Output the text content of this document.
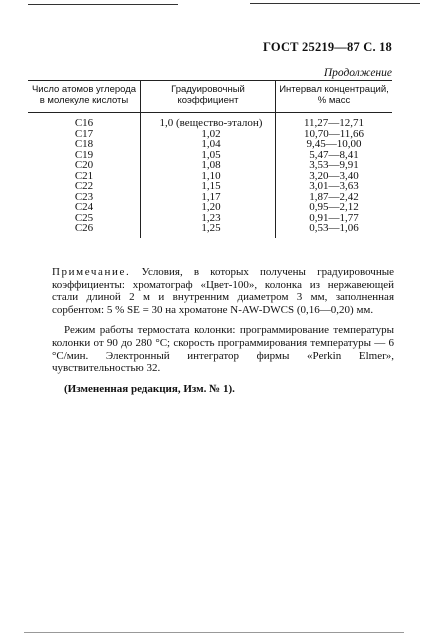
ГОСТ 25219—87 С. 18
Продолжение
Число атомов углерода в молекуле кислоты	Градуировочный коэффициент	Интервал концентраций, % масс
C16	1,0 (вещество-эталон)	11,27—12,71
C17	1,02	10,70—11,66
C18	1,04	9,45—10,00
C19	1,05	5,47—8,41
C20	1,08	3,53—9,91
C21	1,10	3,20—3,40
C22	1,15	3,01—3,63
C23	1,17	1,87—2,42
C24	1,20	0,95—2,12
C25	1,23	0,91—1,77
C26	1,25	0,53—1,06

Примечание. Условия, в которых получены градуировочные коэффициенты: хроматограф «Цвет-100», колонка из нержавеющей стали длиной 2 м и внутренним диаметром 3 мм, заполненная сорбентом: 5 % SE = 30 на хроматоне N-AW-DWCS (0,16—0,20) мм.

Режим работы термостата колонки: программирование температуры колонки от 90 до 280 °С; скорость программирования температуры — 6 °С/мин. Электронный интегратор фирмы «Perkin Elmer», чувствительностью 32.

(Измененная редакция, Изм. № 1).
